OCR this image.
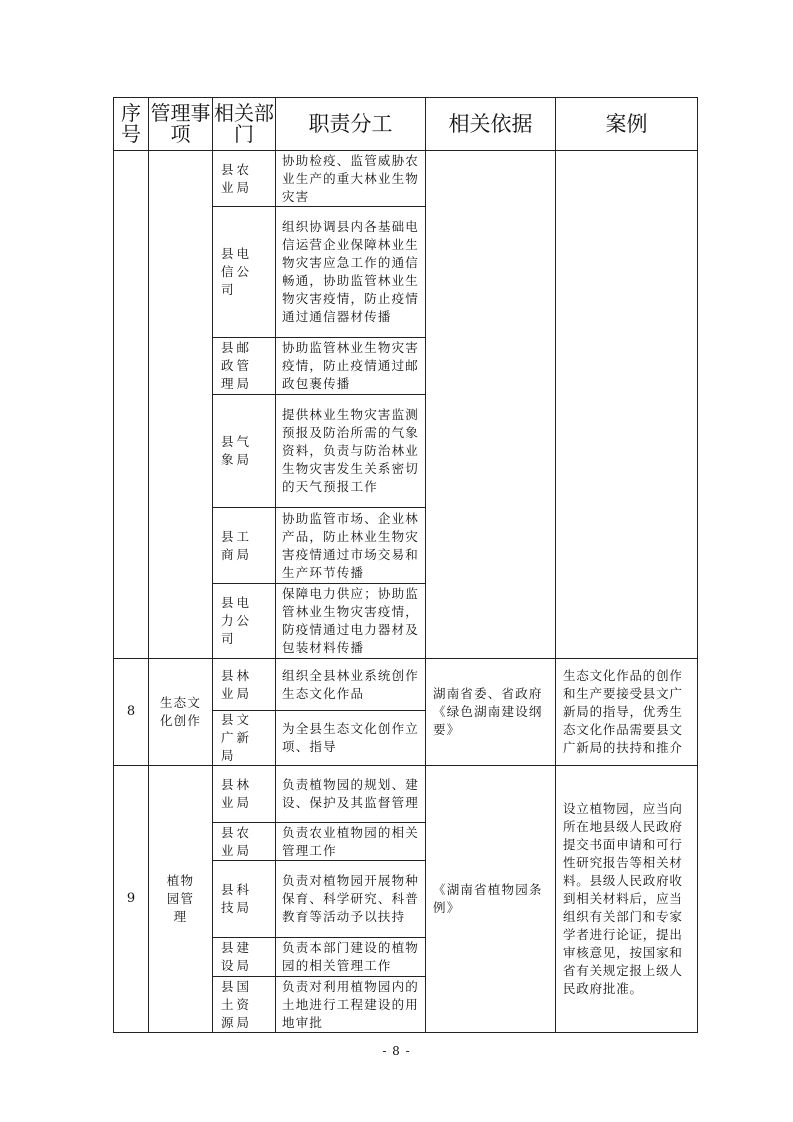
序号	管理事项	相关部门	职责分工	相关依据	案例
		县农业局	协助检疫、监管威胁农业生产的重大林业生物灾害		
		县电信公司	组织协调县内各基础电信运营企业保障林业生物灾害应急工作的通信畅通，协助监管林业生物灾害疫情，防止疫情通过通信器材传播		
		县邮政管理局	协助监管林业生物灾害疫情，防止疫情通过邮政包裹传播		
		县气象局	提供林业生物灾害监测预报及防治所需的气象资料，负责与防治林业生物灾害发生关系密切的天气预报工作		
		县工商局	协助监管市场、企业林产品，防止林业生物灾害疫情通过市场交易和生产环节传播		
		县电力公司	保障电力供应；协助监管林业生物灾害疫情，防疫情通过电力器材及包装材料传播		
8	生态文化创作	县林业局	组织全县林业系统创作生态文化作品	湖南省委、省政府《绿色湖南建设纲要》	生态文化作品的创作和生产要接受县文广新局的指导，优秀生态文化作品需要县文广新局的扶持和推介
		县文广新局	为全县生态文化创作立项、指导		
9	植物园管理	县林业局	负责植物园的规划、建设、保护及其监督管理	《湖南省植物园条例》	设立植物园，应当向所在地县级人民政府提交书面申请和可行性研究报告等相关材料。县级人民政府收到相关材料后，应当组织有关部门和专家学者进行论证，提出审核意见，按国家和省有关规定报上级人民政府批准。
		县农业局	负责农业植物园的相关管理工作		
		县科技局	负责对植物园开展物种保育、科学研究、科普教育等活动予以扶持		
		县建设局	负责本部门建设的植物园的相关管理工作		
		县国土资源局	负责对利用植物园内的土地进行工程建设的用地审批		
- 8 -
